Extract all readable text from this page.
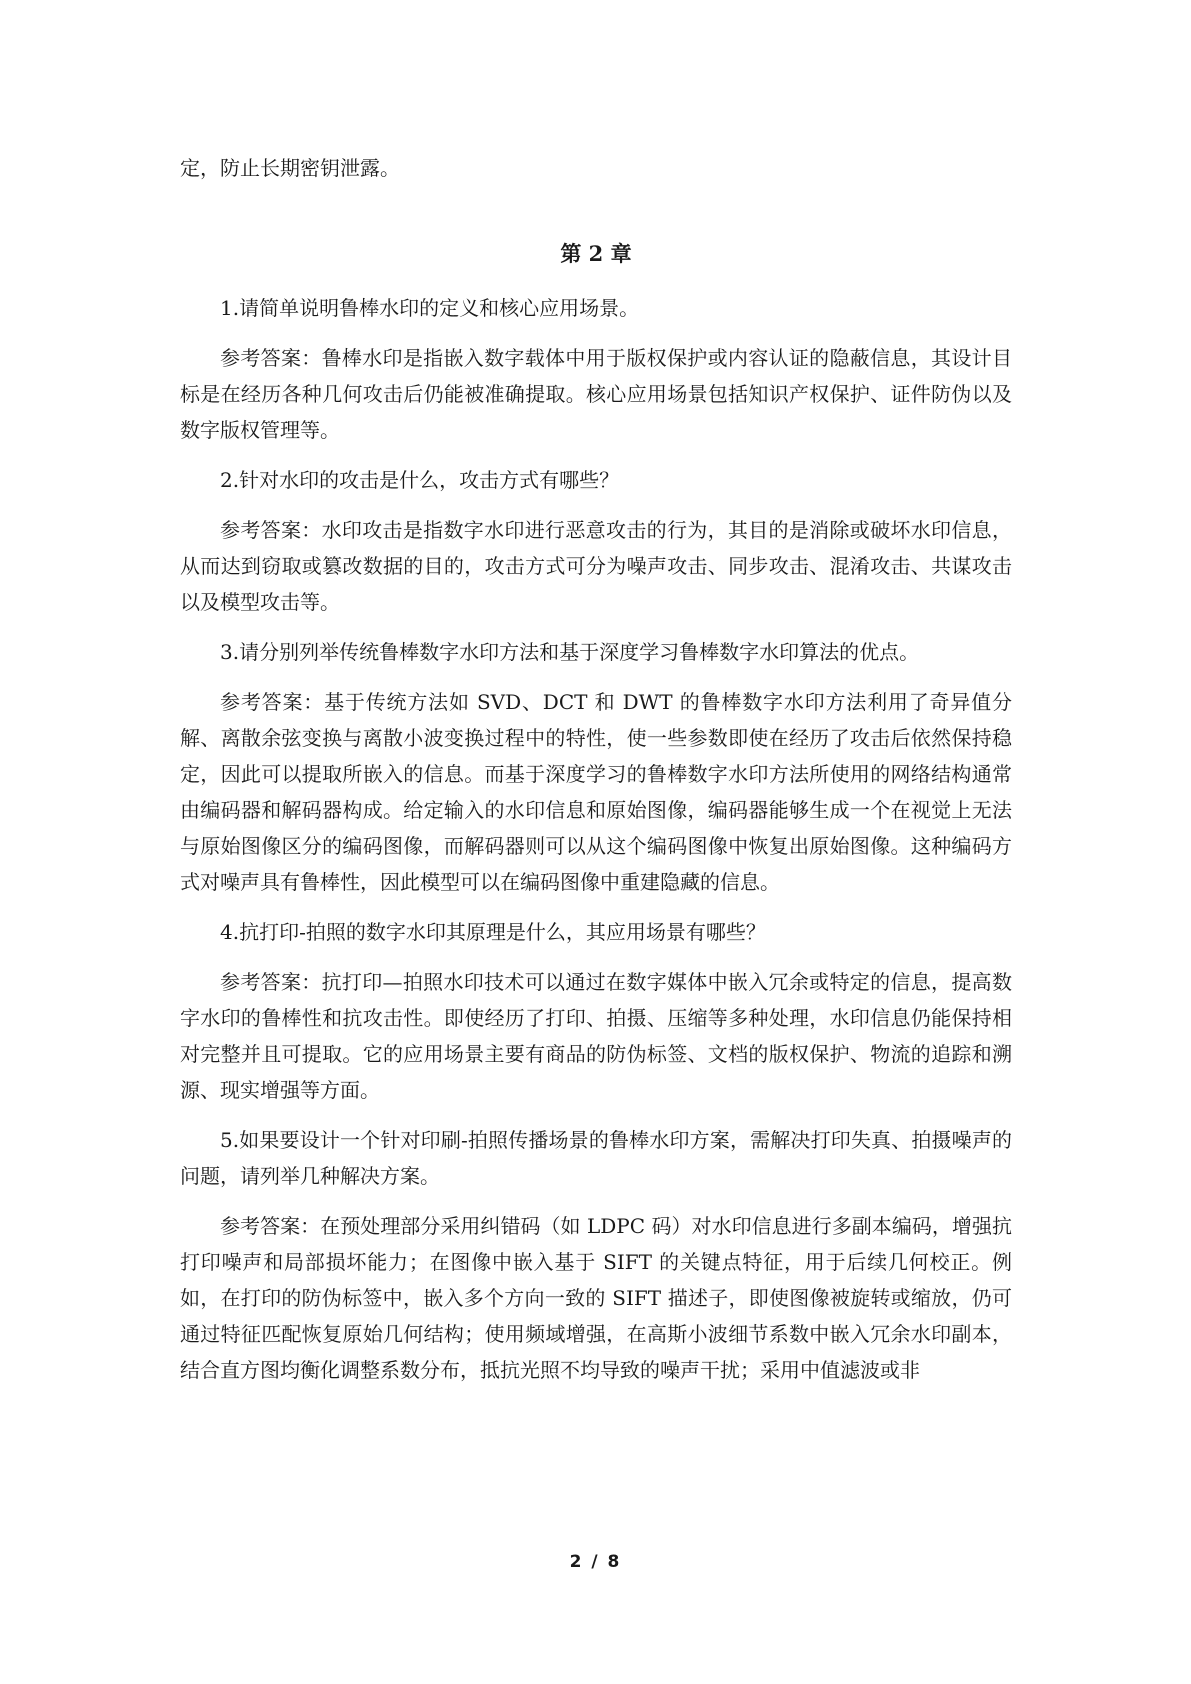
定，防止长期密钥泄露。

第 2 章

1.请简单说明鲁棒水印的定义和核心应用场景。

参考答案：鲁棒水印是指嵌入数字载体中用于版权保护或内容认证的隐蔽信息，其设计目标是在经历各种几何攻击后仍能被准确提取。核心应用场景包括知识产权保护、证件防伪以及数字版权管理等。

2.针对水印的攻击是什么，攻击方式有哪些？

参考答案：水印攻击是指数字水印进行恶意攻击的行为，其目的是消除或破坏水印信息，从而达到窃取或篡改数据的目的，攻击方式可分为噪声攻击、同步攻击、混淆攻击、共谋攻击以及模型攻击等。

3.请分别列举传统鲁棒数字水印方法和基于深度学习鲁棒数字水印算法的优点。

参考答案：基于传统方法如 SVD、DCT 和 DWT 的鲁棒数字水印方法利用了奇异值分解、离散余弦变换与离散小波变换过程中的特性，使一些参数即使在经历了攻击后依然保持稳定，因此可以提取所嵌入的信息。而基于深度学习的鲁棒数字水印方法所使用的网络结构通常由编码器和解码器构成。给定输入的水印信息和原始图像，编码器能够生成一个在视觉上无法与原始图像区分的编码图像，而解码器则可以从这个编码图像中恢复出原始图像。这种编码方式对噪声具有鲁棒性，因此模型可以在编码图像中重建隐藏的信息。

4.抗打印-拍照的数字水印其原理是什么，其应用场景有哪些？

参考答案：抗打印—拍照水印技术可以通过在数字媒体中嵌入冗余或特定的信息，提高数字水印的鲁棒性和抗攻击性。即使经历了打印、拍摄、压缩等多种处理，水印信息仍能保持相对完整并且可提取。它的应用场景主要有商品的防伪标签、文档的版权保护、物流的追踪和溯源、现实增强等方面。

5.如果要设计一个针对印刷-拍照传播场景的鲁棒水印方案，需解决打印失真、拍摄噪声的问题，请列举几种解决方案。

参考答案：在预处理部分采用纠错码（如 LDPC 码）对水印信息进行多副本编码，增强抗打印噪声和局部损坏能力；在图像中嵌入基于 SIFT 的关键点特征，用于后续几何校正。例如，在打印的防伪标签中，嵌入多个方向一致的 SIFT 描述子，即使图像被旋转或缩放，仍可通过特征匹配恢复原始几何结构；使用频域增强，在高斯小波细节系数中嵌入冗余水印副本，结合直方图均衡化调整系数分布，抵抗光照不均导致的噪声干扰；采用中值滤波或非

2 / 8
